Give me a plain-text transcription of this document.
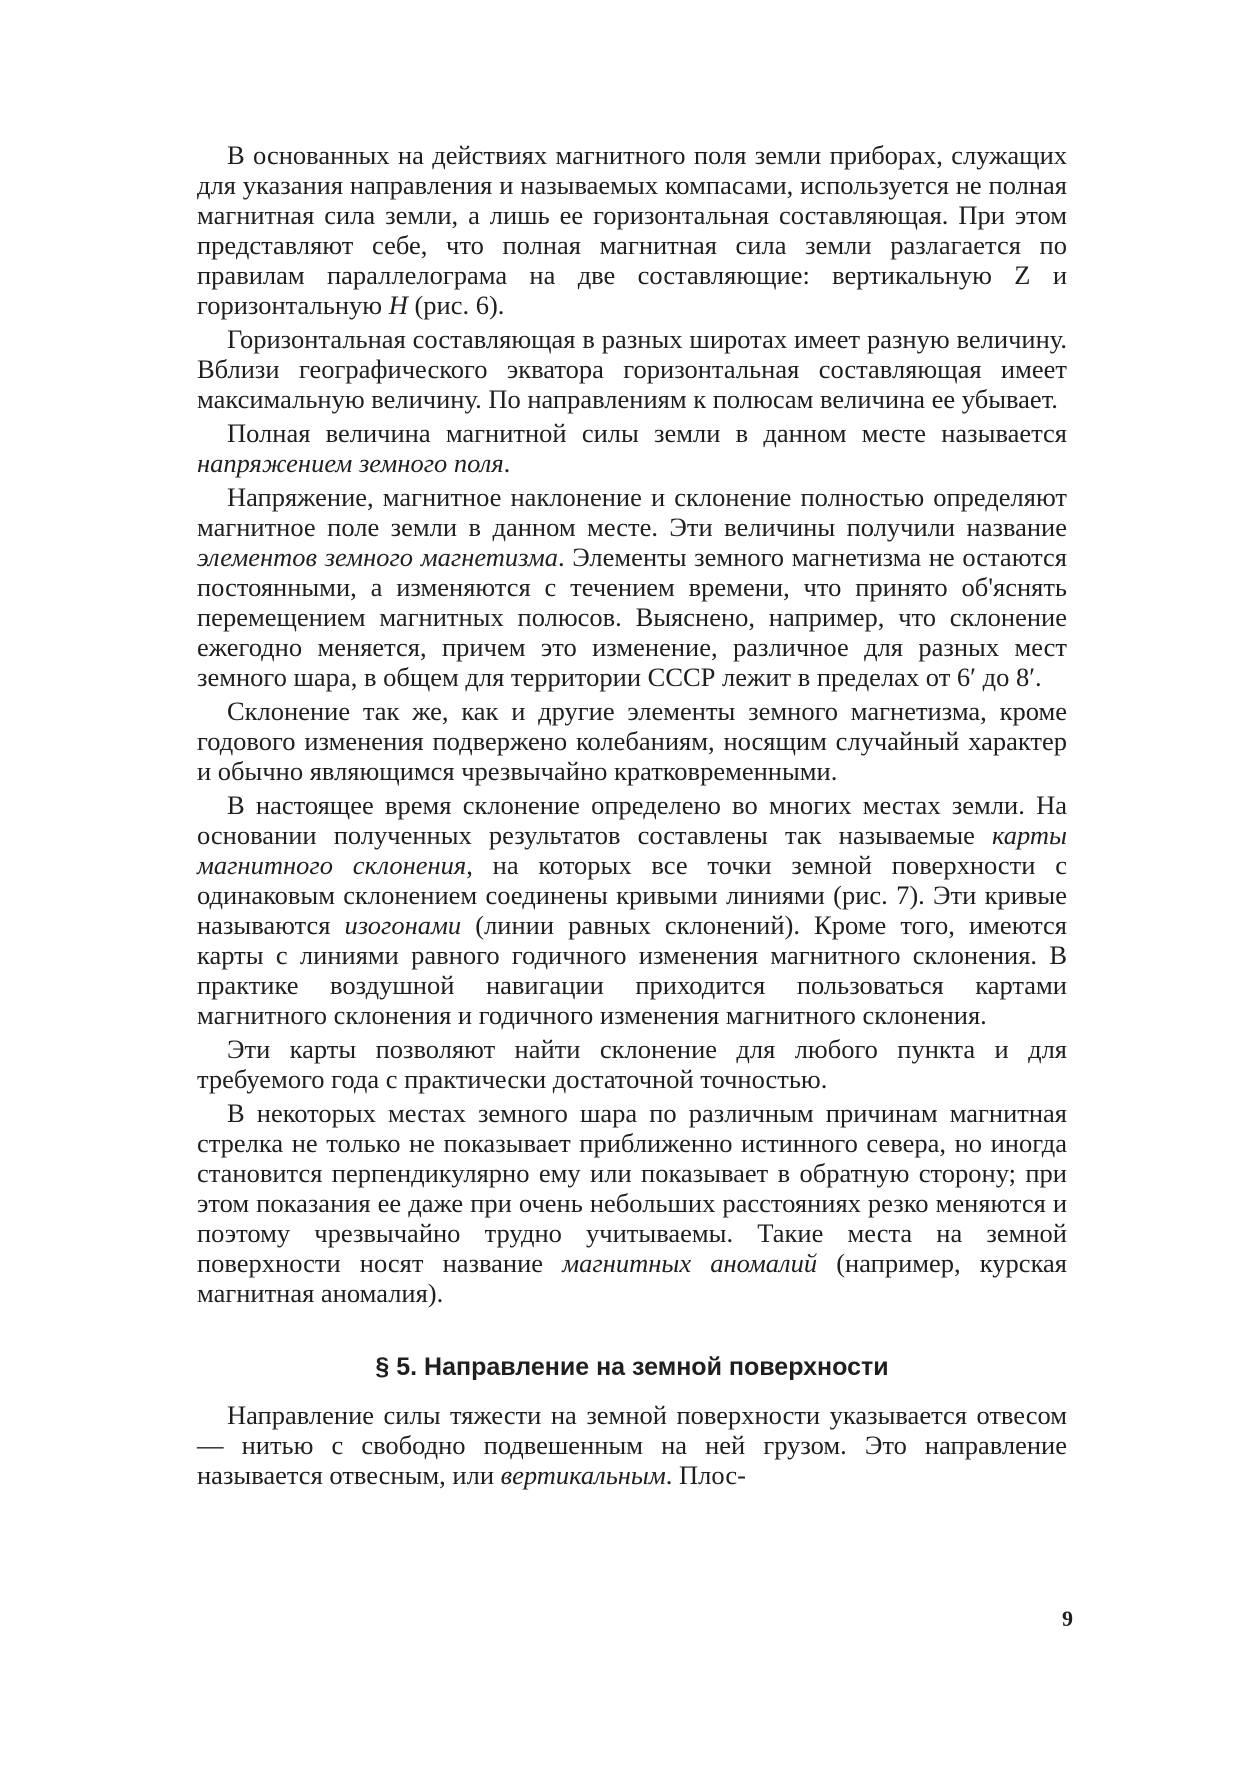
В основанных на действиях магнитного поля земли приборах, служащих для указания направления и называемых компасами, используется не полная магнитная сила земли, а лишь ее горизонтальная составляющая. При этом представляют себе, что полная магнитная сила земли разлагается по правилам параллелограма на две составляющие: вертикальную Z и горизонтальную H (рис. 6).

Горизонтальная составляющая в разных широтах имеет разную величину. Вблизи географического экватора горизонтальная составляющая имеет максимальную величину. По направлениям к полюсам величина ее убывает.

Полная величина магнитной силы земли в данном месте называется напряжением земного поля.

Напряжение, магнитное наклонение и склонение полностью определяют магнитное поле земли в данном месте. Эти величины получили название элементов земного магнетизма. Элементы земного магнетизма не остаются постоянными, а изменяются с течением времени, что принято об'яснять перемещением магнитных полюсов. Выяснено, например, что склонение ежегодно меняется, причем это изменение, различное для разных мест земного шара, в общем для территории СССР лежит в пределах от 6′ до 8′.

Склонение так же, как и другие элементы земного магнетизма, кроме годового изменения подвержено колебаниям, носящим случайный характер и обычно являющимся чрезвычайно кратковременными.

В настоящее время склонение определено во многих местах земли. На основании полученных результатов составлены так называемые карты магнитного склонения, на которых все точки земной поверхности с одинаковым склонением соединены кривыми линиями (рис. 7). Эти кривые называются изогонами (линии равных склонений). Кроме того, имеются карты с линиями равного годичного изменения магнитного склонения. В практике воздушной навигации приходится пользоваться картами магнитного склонения и годичного изменения магнитного склонения.

Эти карты позволяют найти склонение для любого пункта и для требуемого года с практически достаточной точностью.

В некоторых местах земного шара по различным причинам магнитная стрелка не только не показывает приближенно истинного севера, но иногда становится перпендикулярно ему или показывает в обратную сторону; при этом показания ее даже при очень небольших расстояниях резко меняются и поэтому чрезвычайно трудно учитываемы. Такие места на земной поверхности носят название магнитных аномалий (например, курская магнитная аномалия).

§ 5. Направление на земной поверхности

Направление силы тяжести на земной поверхности указывается отвесом — нитью с свободно подвешенным на ней грузом. Это направление называется отвесным, или вертикальным. Плос-

9
